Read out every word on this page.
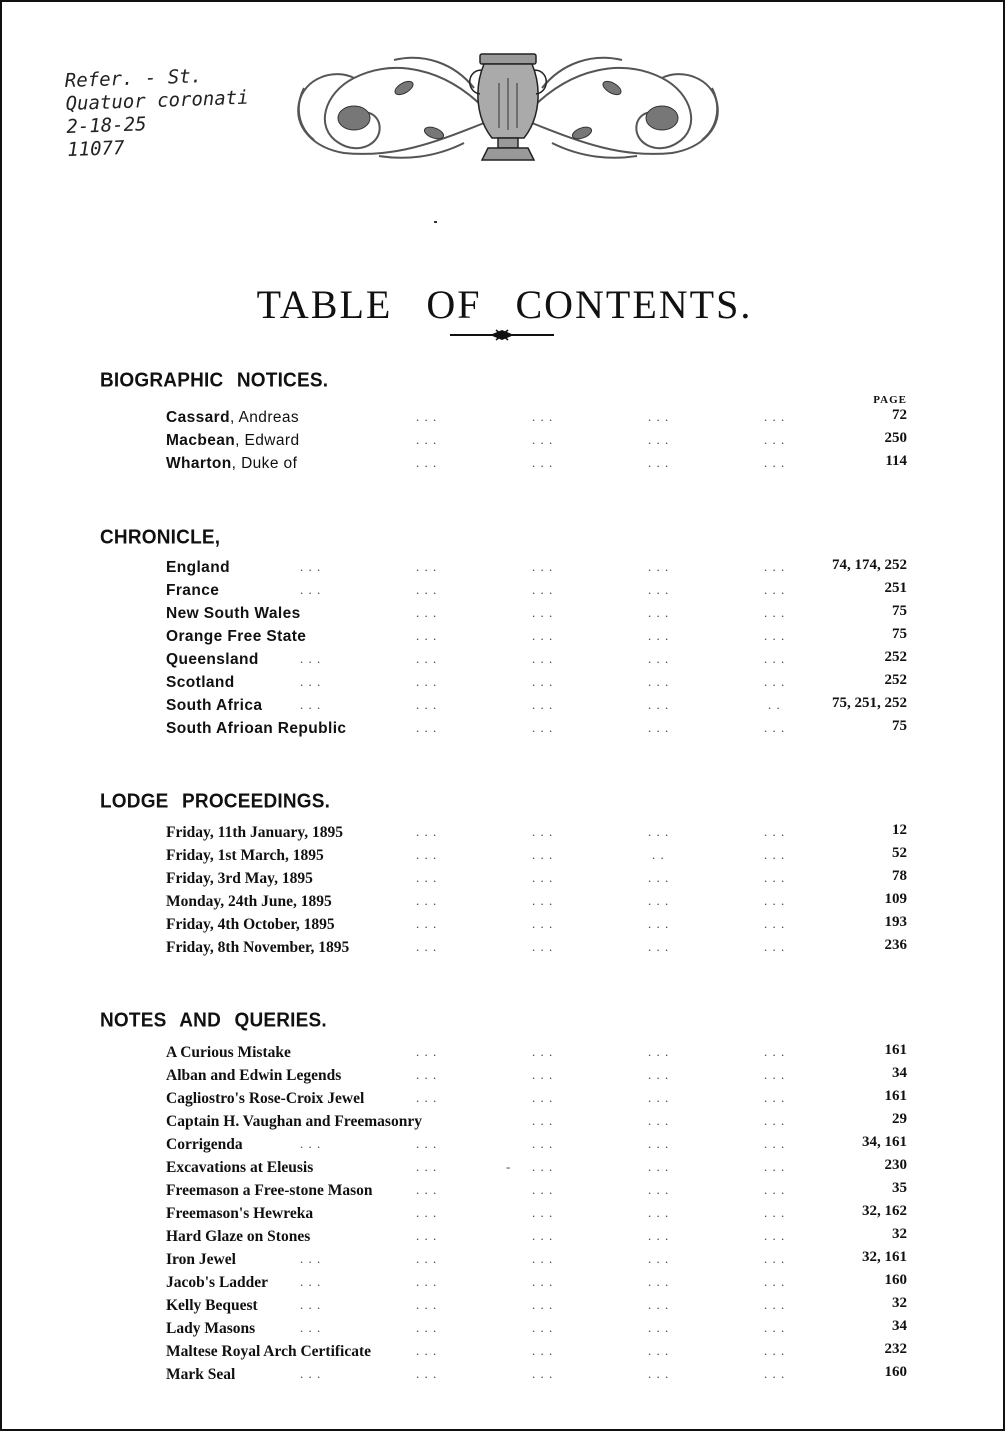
Refer. - St.
Quatuor coronati
2-18-25
11077
TABLE OF CONTENTS.
BIOGRAPHIC NOTICES.
PAGE
Cassard, Andreas	. . .	. . .	. . .	. . .	72
Macbean, Edward	. . .	. . .	. . .	. . .	250
Wharton, Duke of	. . .	. . .	. . .	. . .	114
CHRONICLE,
England	. . .	. . .	. . .	. . .	. . .	74, 174, 252
France	. . .	. . .	. . .	. . .	. . .	251
New South Wales	. . .	. . .	. . .	. . .	75
Orange Free State	. . .	. . .	. . .	. . .	75
Queensland	. . .	. . .	. . .	. . .	. . .	252
Scotland	. . .	. . .	. . .	. . .	. . .	252
South Africa	. . .	. . .	. . .	. . .	. .	75, 251, 252
South Afrioan Republic	. . .	. . .	. . .	. . .	75
LODGE PROCEEDINGS.
Friday, 11th January, 1895	. . .	. . .	. . .	. . .	12
Friday, 1st March, 1895	. . .	. . .	. .	. . .	52
Friday, 3rd May, 1895	. . .	. . .	. . .	. . .	78
Monday, 24th June, 1895	. . .	. . .	. . .	. . .	109
Friday, 4th October, 1895	. . .	. . .	. . .	. . .	193
Friday, 8th November, 1895	. . .	. . .	. . .	. . .	236
NOTES AND QUERIES.
A Curious Mistake	. . .	. . .	. . .	. . .	161
Alban and Edwin Legends	. . .	. . .	. . .	. . .	34
Cagliostro's Rose-Croix Jewel	. . .	. . .	. . .	. . .	161
Captain H. Vaughan and Freemasonry	. . .	. . .	. . .	29
Corrigenda	. . .	. . .	. . .	. . .	. . .	34, 161
Excavations at Eleusis	. . .	- . . .	. . .	. . .	230
Freemason a Free-stone Mason	. . .	. . .	. . .	. . .	35
Freemason's Hewreka	. . .	. . .	. . .	. . .	32, 162
Hard Glaze on Stones	. . .	. . .	. . .	. . .	32
Iron Jewel	. . .	. . .	. . .	. . .	. . .	32, 161
Jacob's Ladder . . .	. . .	. . .	. . .	. . .	160
Kelly Bequest	. . .	. . .	. . .	. . .	. . .	32
Lady Masons	. . .	. . .	. . .	. . .	. . .	34
Maltese Royal Arch Certificate	. . .	. . .	. . .	. . .	232
Mark Seal	. . .	. . .	. . .	. . .	. . .	160
